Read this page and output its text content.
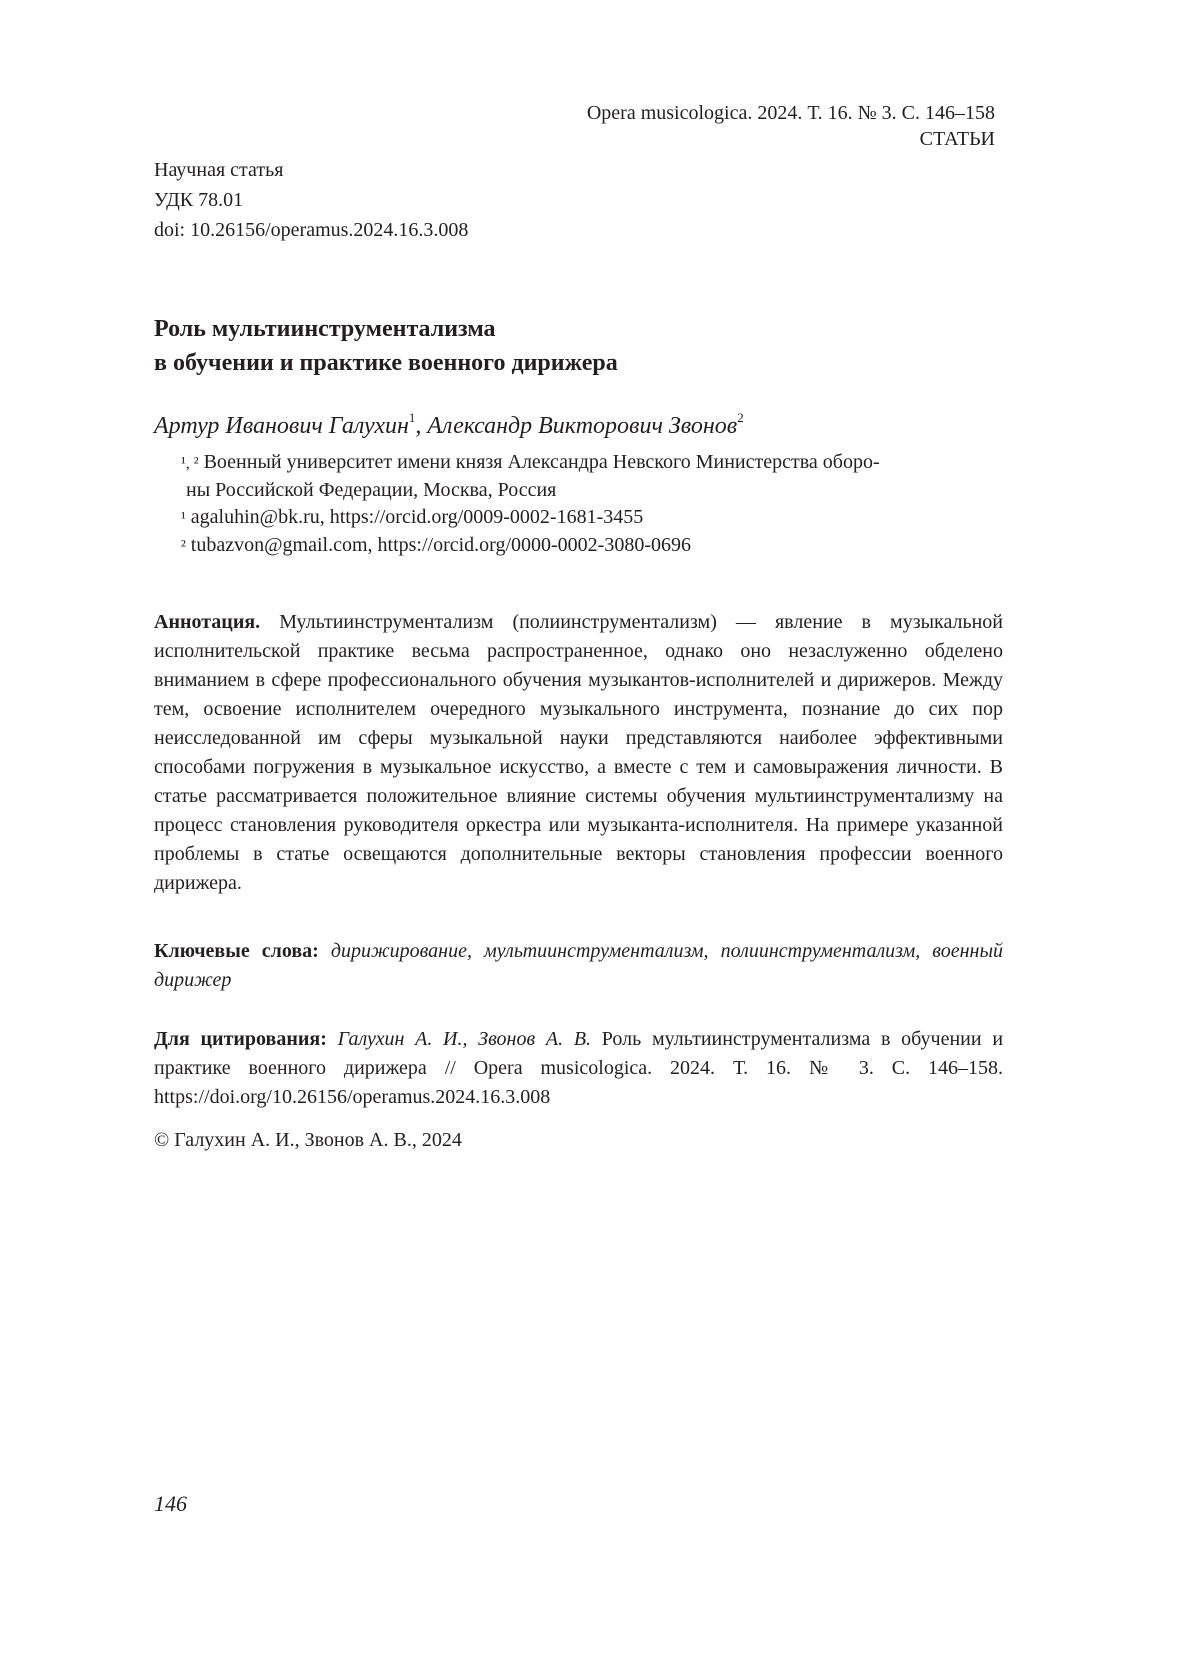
Opera musicologica. 2024. Т. 16. № 3. С. 146–158
СТАТЬИ
Научная статья
УДК 78.01
doi: 10.26156/operamus.2024.16.3.008
Роль мультиинструментализма
в обучении и практике военного дирижера
Артур Иванович Галухин$^1$, Александр Викторович Звонов$^2$
¹, ² Военный университет имени князя Александра Невского Министерства оборо-
ны Российской Федерации, Москва, Россия
¹ agaluhin@bk.ru, https://orcid.org/0009-0002-1681-3455
² tubazvon@gmail.com, https://orcid.org/0000-0002-3080-0696
Аннотация. Мультиинструментализм (полиинструментализм) — явление в музыкальной исполнительской практике весьма распространенное, однако оно незаслуженно обделено вниманием в сфере профессионального обучения музыкантов-исполнителей и дирижеров. Между тем, освоение исполнителем очередного музыкального инструмента, познание до сих пор неисследованной им сферы музыкальной науки представляются наиболее эффективными способами погружения в музыкальное искусство, а вместе с тем и самовыражения личности. В статье рассматривается положительное влияние системы обучения мультиинструментализму на процесс становления руководителя оркестра или музыканта-исполнителя. На примере указанной проблемы в статье освещаются дополнительные векторы становления профессии военного дирижера.
Ключевые слова: дирижирование, мультиинструментализм, полиинструментализм, военный дирижер
Для цитирования: Галухин А. И., Звонов А. В. Роль мультиинструментализма в обучении и практике военного дирижера // Opera musicologica. 2024. Т. 16. № 3. С. 146–158. https://doi.org/10.26156/operamus.2024.16.3.008
© Галухин А. И., Звонов А. В., 2024
146
